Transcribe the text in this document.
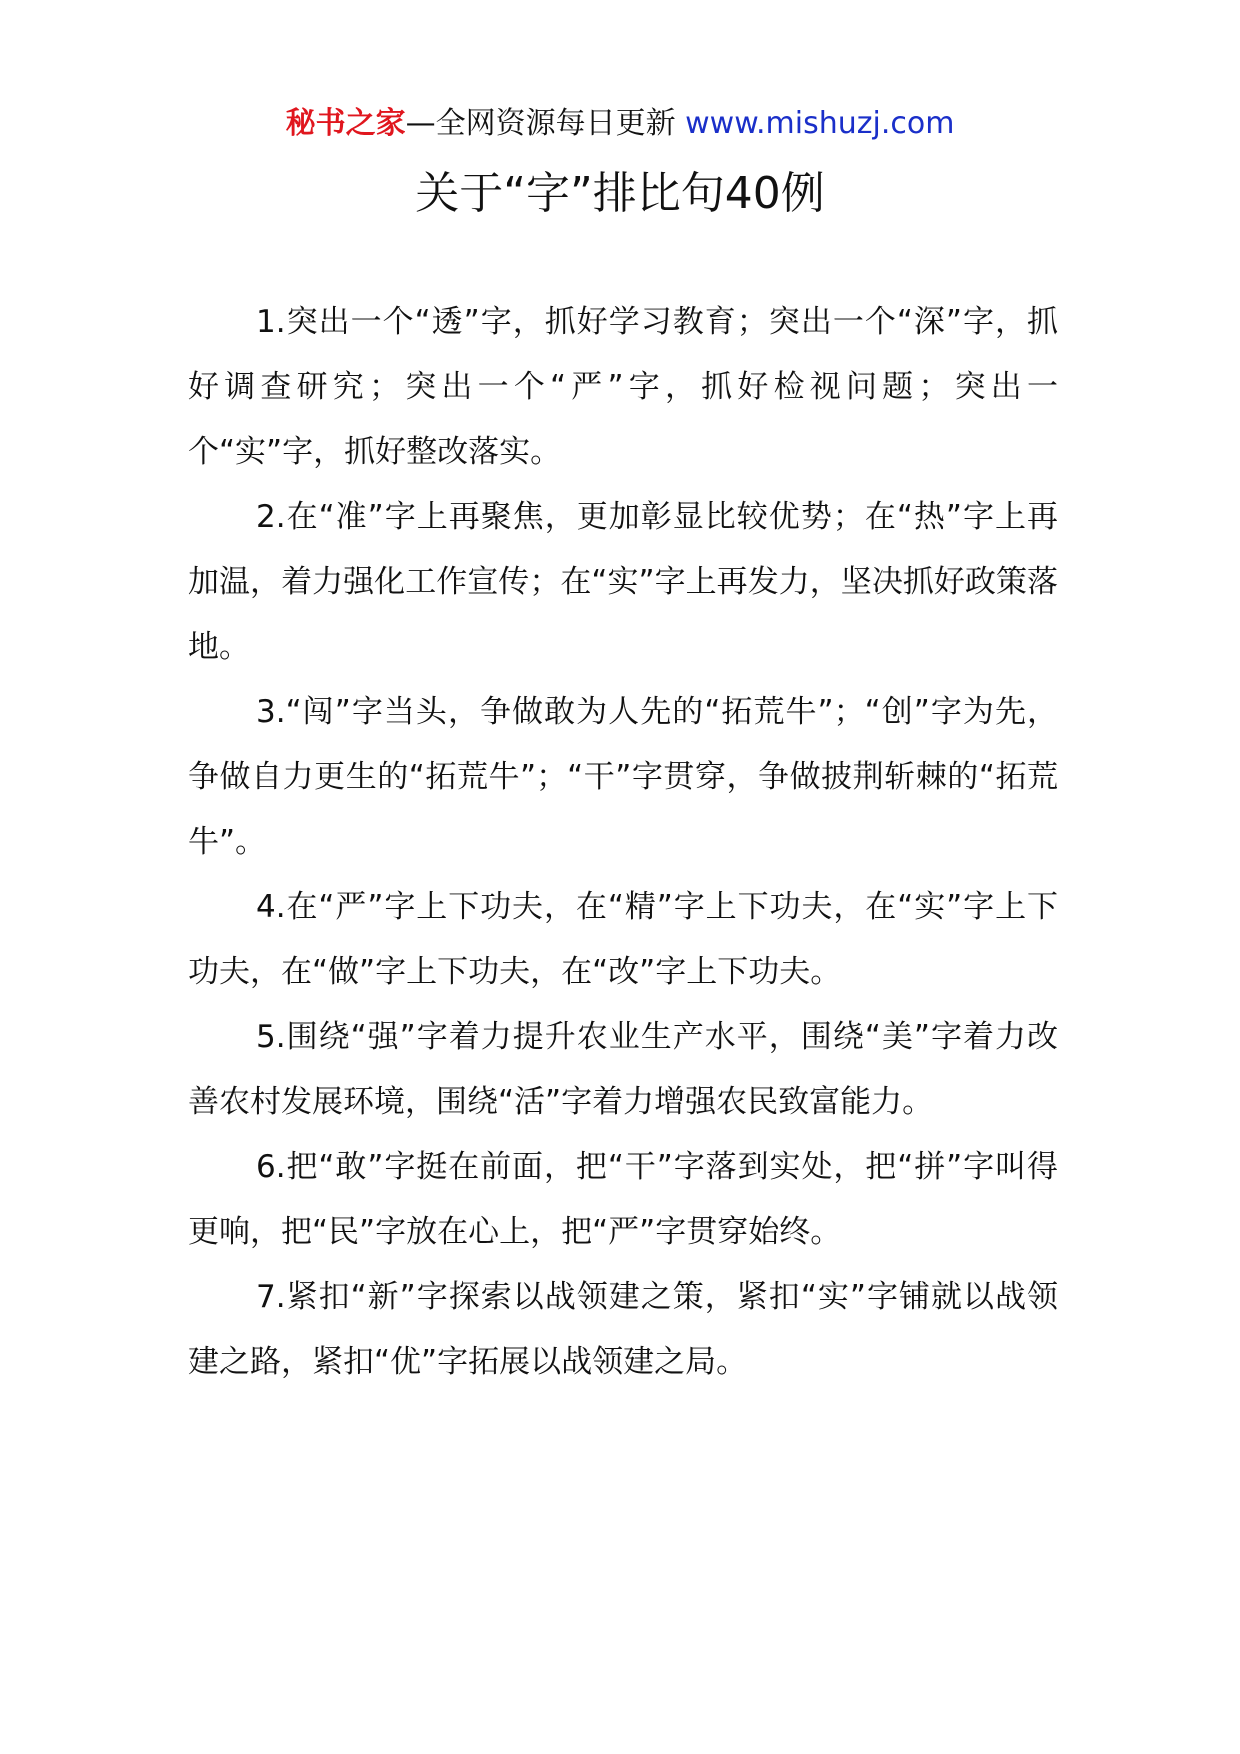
秘书之家—全网资源每日更新 www.mishuzj.com
关于“字”排比句40例

1.突出一个“透”字，抓好学习教育；突出一个“深”字，抓好调查研究；突出一个“严”字，抓好检视问题；突出一个“实”字，抓好整改落实。

2.在“准”字上再聚焦，更加彰显比较优势；在“热”字上再加温，着力强化工作宣传；在“实”字上再发力，坚决抓好政策落地。

3.“闯”字当头，争做敢为人先的“拓荒牛”；“创”字为先，争做自力更生的“拓荒牛”；“干”字贯穿，争做披荆斩棘的“拓荒牛”。

4.在“严”字上下功夫，在“精”字上下功夫，在“实”字上下功夫，在“做”字上下功夫，在“改”字上下功夫。

5.围绕“强”字着力提升农业生产水平，围绕“美”字着力改善农村发展环境，围绕“活”字着力增强农民致富能力。

6.把“敢”字挺在前面，把“干”字落到实处，把“拼”字叫得更响，把“民”字放在心上，把“严”字贯穿始终。

7.紧扣“新”字探索以战领建之策，紧扣“实”字铺就以战领建之路，紧扣“优”字拓展以战领建之局。
